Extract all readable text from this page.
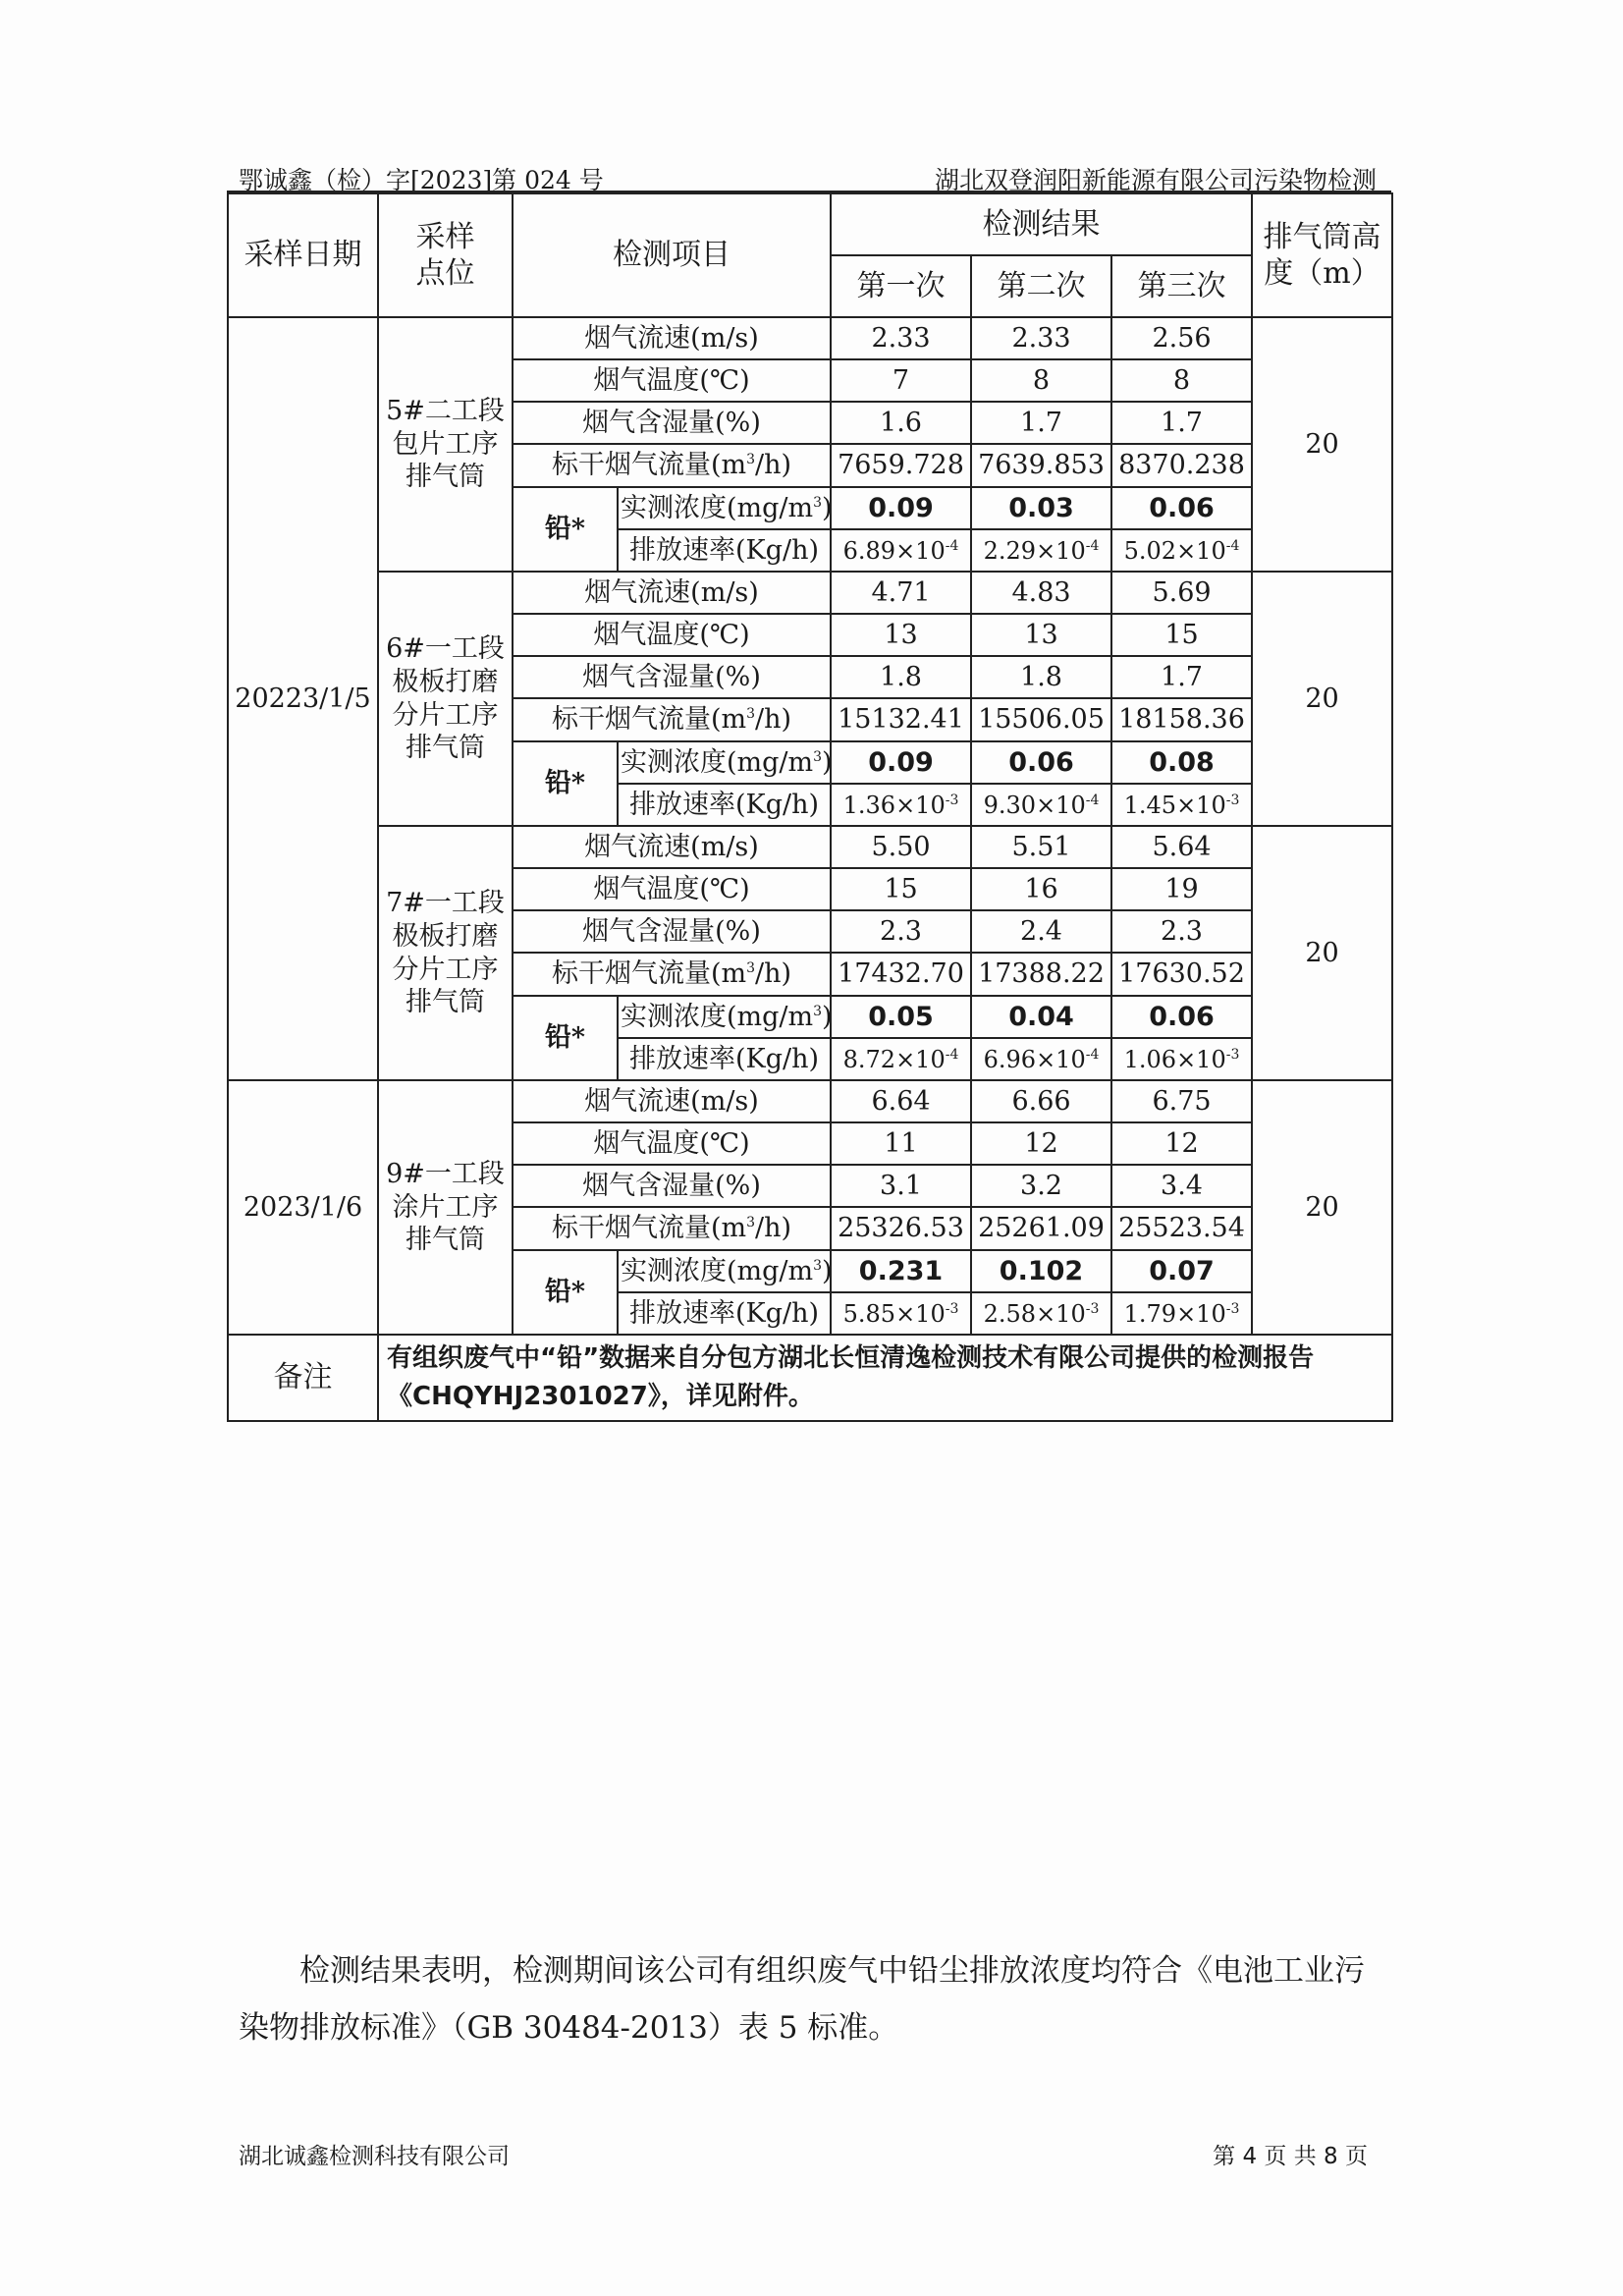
鄂诚鑫（检）字[2023]第 024 号	湖北双登润阳新能源有限公司污染物检测
采样日期	采样
点位	检测项目		检测结果			排气筒高
度（m）
				第一次	第二次	第三次	
20223/1/5	5#二工段
包片工序
排气筒	烟气流速(m/s)		2.33	2.33	2.56	20
		烟气温度(℃)		7	8	8	
		烟气含湿量(%)		1.6	1.7	1.7	
		标干烟气流量$(m^3/h)$		7659.728	7639.853	8370.238	
		铅*	实测浓度$(mg/m^3)$	0.09	0.03	0.06	
			排放速率(Kg/h)	$6.89\times 10^{-4}$	$2.29\times 10^{-4}$	$5.02\times 10^{-4}$
	6#一工段
极板打磨
分片工序
排气筒	烟气流速(m/s)		4.71	4.83	5.69	20
		烟气温度(℃)		13	13	15	
		烟气含湿量(%)		1.8	1.8	1.7	
		标干烟气流量$(m^3/h)$		15132.41	15506.05	18158.36	
		铅*	实测浓度$(mg/m^3)$	0.09	0.06	0.08	
			排放速率(Kg/h)	$1.36\times 10^{-3}$	$9.30\times 10^{-4}$	$1.45\times 10^{-3}$
	7#一工段
极板打磨
分片工序
排气筒	烟气流速(m/s)		5.50	5.51	5.64	20
		烟气温度(℃)		15	16	19	
		烟气含湿量(%)		2.3	2.4	2.3	
		标干烟气流量$(m^3/h)$		17432.70	17388.22	17630.52	
		铅*	实测浓度$(mg/m^3)$	0.05	0.04	0.06	
			排放速率(Kg/h)	$8.72\times 10^{-4}$	$6.96\times 10^{-4}$	$1.06\times 10^{-3}$
2023/1/6	9#一工段
涂片工序
排气筒	烟气流速(m/s)		6.64	6.66	6.75	20
		烟气温度(℃)		11	12	12	
		烟气含湿量(%)		3.1	3.2	3.4	
		标干烟气流量$(m^3/h)$		25326.53	25261.09	25523.54	
		铅*	实测浓度$(mg/m^3)$	0.231	0.102	0.07	
			排放速率(Kg/h)	$5.85\times 10^{-3}$	$2.58\times 10^{-3}$	$1.79\times 10^{-3}$
备注	有组织废气中“铅”数据来自分包方湖北长恒清逸检测技术有限公司提供的检测报告《CHQYHJ2301027》，详见附件。						
检测结果表明，检测期间该公司有组织废气中铅尘排放浓度均符合《电池工业污染物排放标准》（GB 30484-2013）表 5 标准。
湖北诚鑫检测科技有限公司	第 4 页 共 8 页
